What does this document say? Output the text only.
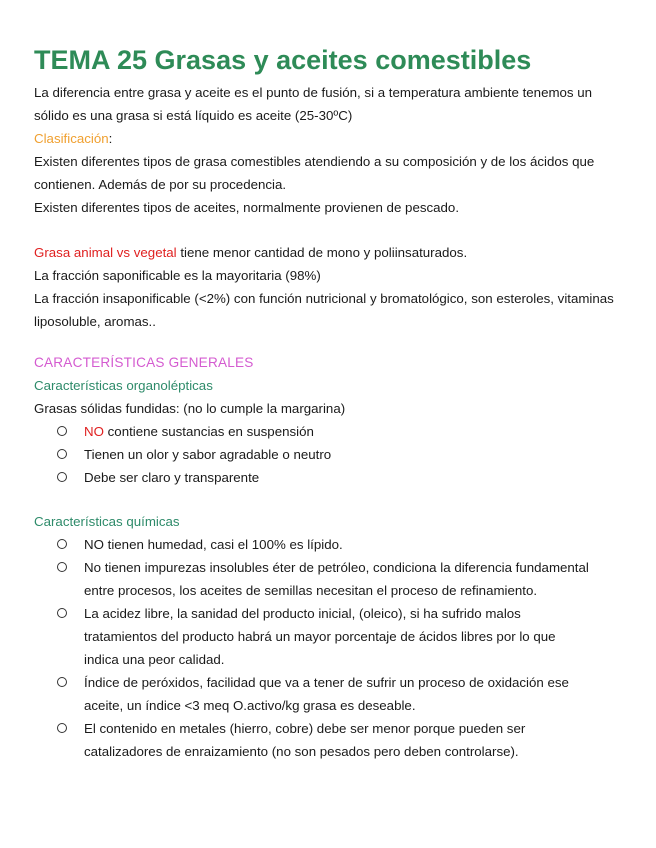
TEMA 25 Grasas y aceites comestibles

La diferencia entre grasa y aceite es el punto de fusión, si a temperatura ambiente tenemos un sólido es una grasa si está líquido es aceite (25-30ºC)

Clasificación:

Existen diferentes tipos de grasa comestibles atendiendo a su composición y de los ácidos que contienen. Además de por su procedencia.

Existen diferentes tipos de aceites, normalmente provienen de pescado.

Grasa animal vs vegetal tiene menor cantidad de mono y poliinsaturados.

La fracción saponificable es la mayoritaria (98%)

La fracción insaponificable (<2%) con función nutricional y bromatológico, son esteroles, vitaminas liposoluble, aromas..

CARACTERÍSTICAS GENERALES

Características organolépticas

Grasas sólidas fundidas: (no lo cumple la margarina)

NO contiene sustancias en suspensión
Tienen un olor y sabor agradable o neutro
Debe ser claro y transparente

Características químicas

NO tienen humedad, casi el 100% es lípido.
No tienen impurezas insolubles éter de petróleo, condiciona la diferencia fundamental entre procesos, los aceites de semillas necesitan el proceso de refinamiento.
La acidez libre, la sanidad del producto inicial, (oleico), si ha sufrido malos tratamientos del producto habrá un mayor porcentaje de ácidos libres por lo que indica una peor calidad.
Índice de peróxidos, facilidad que va a tener de sufrir un proceso de oxidación ese aceite, un índice <3 meq O.activo/kg grasa es deseable.
El contenido en metales (hierro, cobre) debe ser menor porque pueden ser catalizadores de enraizamiento (no son pesados pero deben controlarse).
